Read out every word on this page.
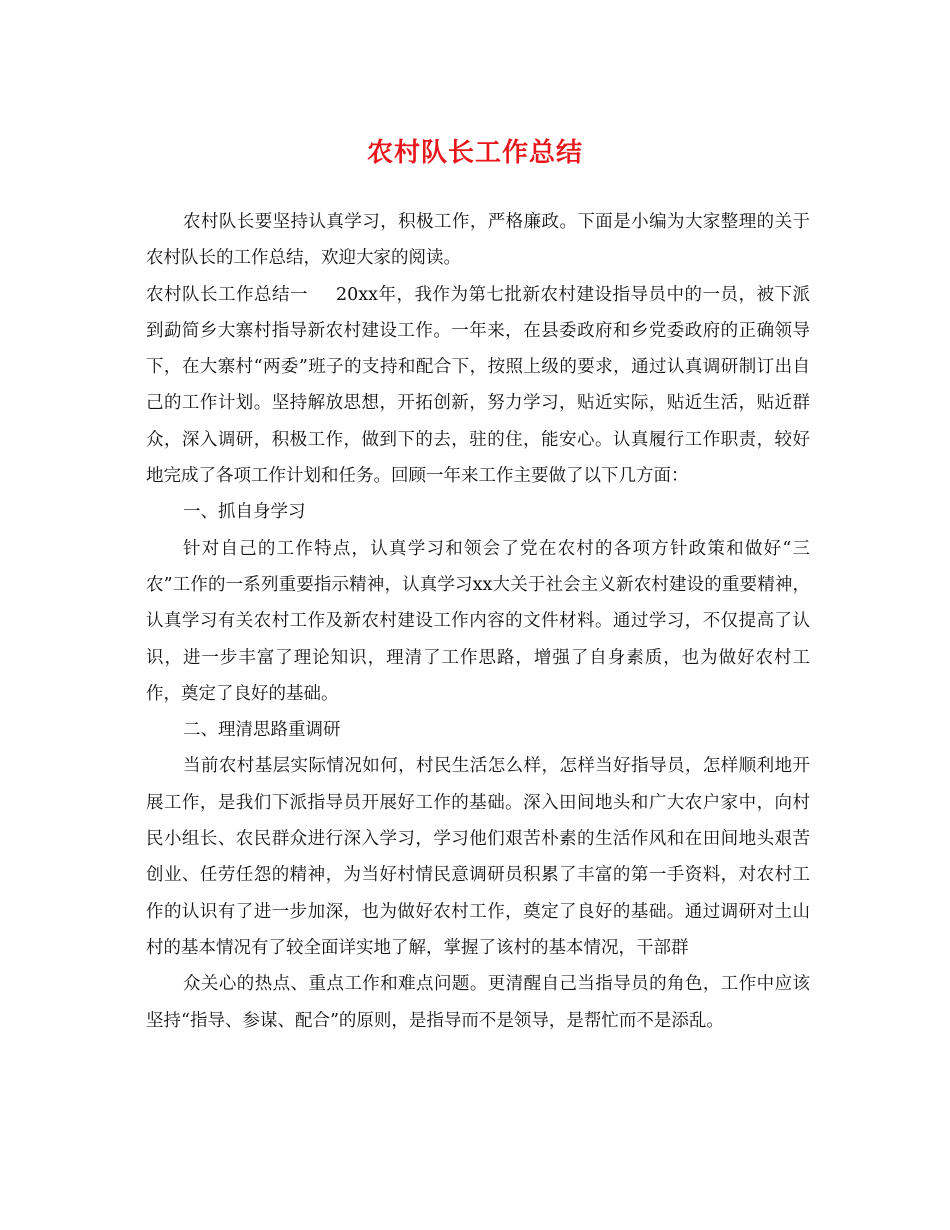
农村队长工作总结

农村队长要坚持认真学习，积极工作，严格廉政。下面是小编为大家整理的关于农村队长的工作总结，欢迎大家的阅读。

农村队长工作总结一 20xx年，我作为第七批新农村建设指导员中的一员，被下派到勐简乡大寨村指导新农村建设工作。一年来，在县委政府和乡党委政府的正确领导下，在大寨村“两委”班子的支持和配合下，按照上级的要求，通过认真调研制订出自己的工作计划。坚持解放思想，开拓创新，努力学习，贴近实际，贴近生活，贴近群众，深入调研，积极工作，做到下的去，驻的住，能安心。认真履行工作职责，较好地完成了各项工作计划和任务。回顾一年来工作主要做了以下几方面：

一、抓自身学习

针对自己的工作特点，认真学习和领会了党在农村的各项方针政策和做好“三农”工作的一系列重要指示精神，认真学习xx大关于社会主义新农村建设的重要精神，认真学习有关农村工作及新农村建设工作内容的文件材料。通过学习，不仅提高了认识，进一步丰富了理论知识，理清了工作思路，增强了自身素质，也为做好农村工作，奠定了良好的基础。

二、理清思路重调研

当前农村基层实际情况如何，村民生活怎么样，怎样当好指导员，怎样顺利地开展工作，是我们下派指导员开展好工作的基础。深入田间地头和广大农户家中，向村民小组长、农民群众进行深入学习，学习他们艰苦朴素的生活作风和在田间地头艰苦创业、任劳任怨的精神，为当好村情民意调研员积累了丰富的第一手资料，对农村工作的认识有了进一步加深，也为做好农村工作，奠定了良好的基础。通过调研对土山村的基本情况有了较全面详实地了解，掌握了该村的基本情况，干部群

众关心的热点、重点工作和难点问题。更清醒自己当指导员的角色，工作中应该坚持“指导、参谋、配合”的原则，是指导而不是领导，是帮忙而不是添乱。
